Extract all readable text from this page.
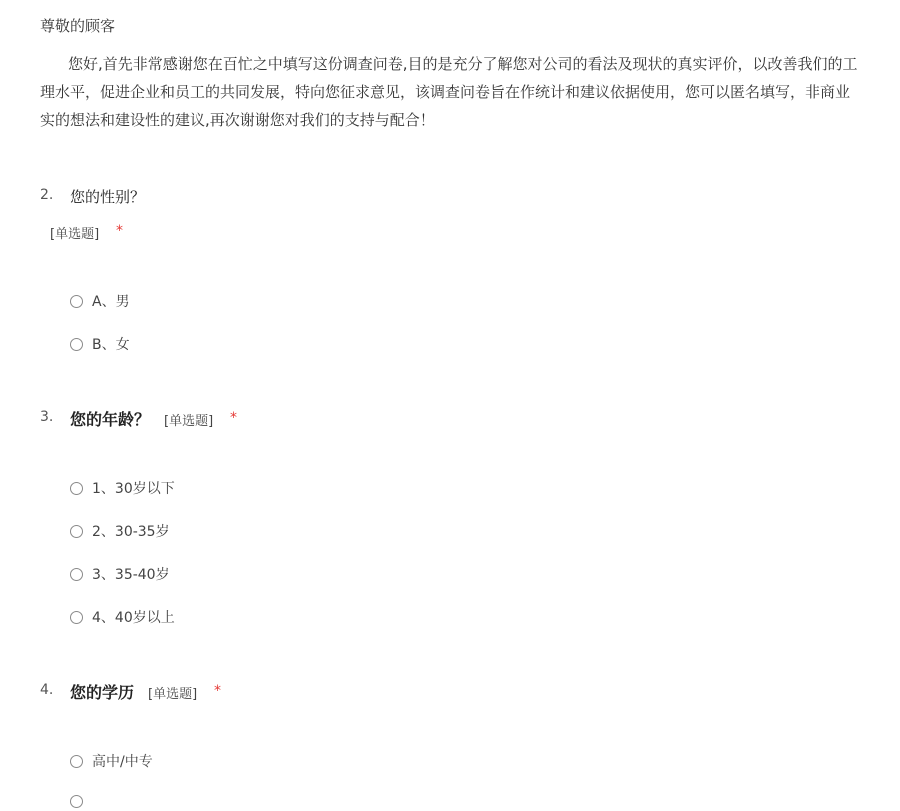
尊敬的顾客
您好,首先非常感谢您在百忙之中填写这份调查问卷,目的是充分了解您对公司的看法及现状的真实评价，以改善我们的工
理水平，促进企业和员工的共同发展，特向您征求意见，该调查问卷旨在作统计和建议依据使用，您可以匿名填写，非商业
实的想法和建设性的建议,再次谢谢您对我们的支持与配合！
2. 您的性别？
[单选题] *
A、男
B、女
3. 您的年龄？ [单选题] *
1、30岁以下
2、30-35岁
3、35-40岁
4、40岁以上
4. 您的学历 [单选题] *
高中/中专
